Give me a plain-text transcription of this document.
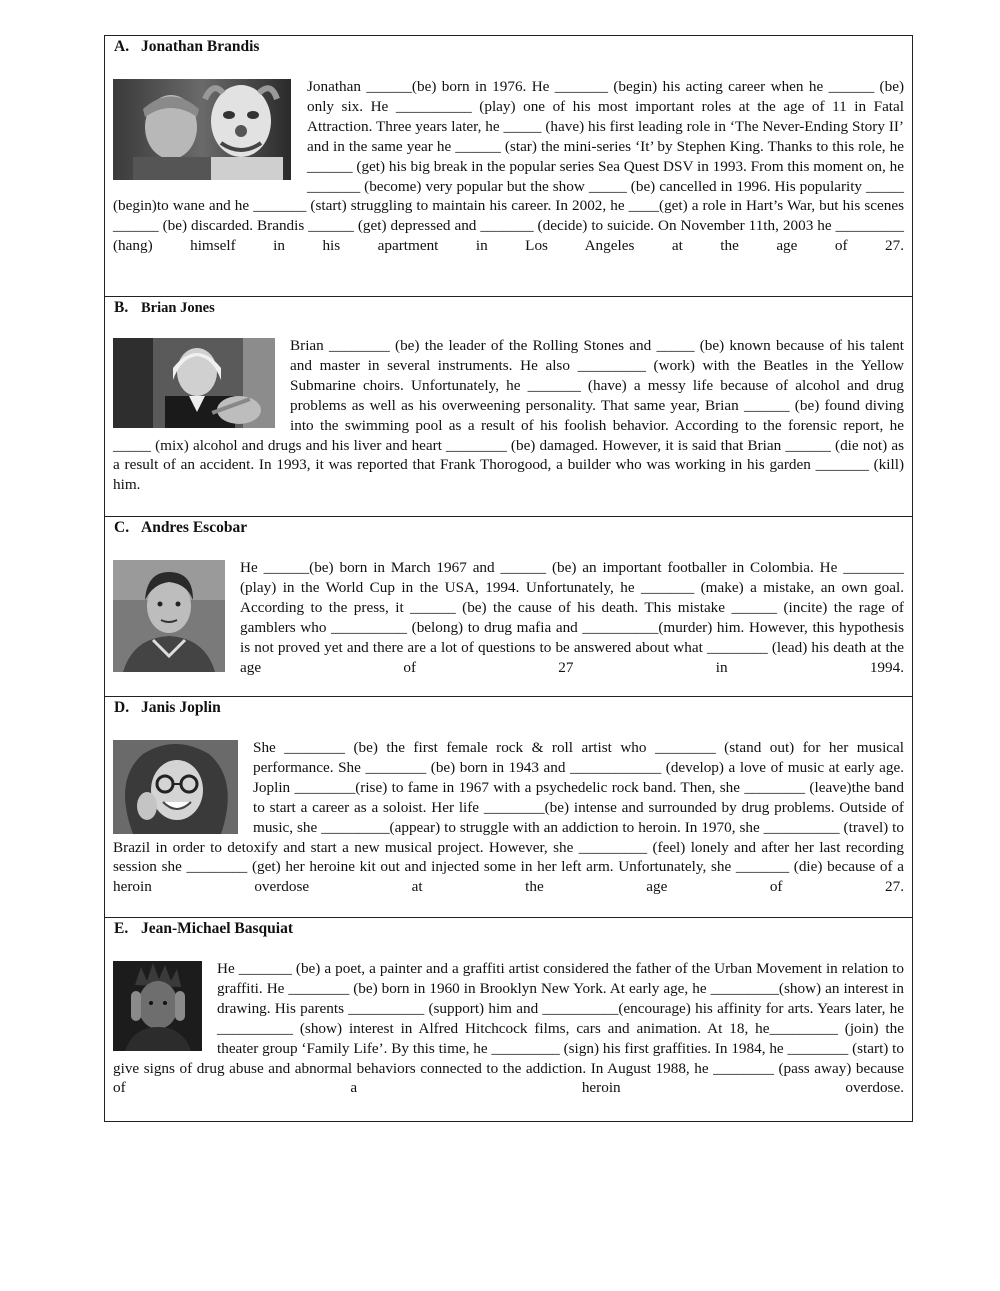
A. Jonathan Brandis

Jonathan ______(be) born in 1976. He _______ (begin) his acting career when he ______ (be) only six. He __________ (play) one of his most important roles at the age of 11 in Fatal Attraction. Three years later, he _____ (have) his first leading role in ‘The Never-Ending Story II’ and in the same year he ______ (star) the mini-series ‘It’ by Stephen King. Thanks to this role, he ______ (get) his big break in the popular series Sea Quest DSV in 1993. From this moment on, he _______ (become) very popular but the show _____ (be) cancelled in 1996. His popularity _____ (begin)to wane and he _______ (start) struggling to maintain his career. In 2002, he ____(get) a role in Hart’s War, but his scenes ______ (be) discarded. Brandis ______ (get) depressed and _______ (decide) to suicide. On November 11th, 2003 he _________ (hang) himself in his apartment in Los Angeles at the age of 27.

B. Brian Jones

Brian ________ (be) the leader of the Rolling Stones and _____ (be) known because of his talent and master in several instruments. He also _________ (work) with the Beatles in the Yellow Submarine choirs. Unfortunately, he _______ (have) a messy life because of alcohol and drug problems as well as his overweening personality. That same year, Brian ______ (be) found diving into the swimming pool as a result of his foolish behavior. According to the forensic report, he _____ (mix) alcohol and drugs and his liver and heart ________ (be) damaged. However, it is said that Brian ______ (die not) as a result of an accident. In 1993, it was reported that Frank Thorogood, a builder who was working in his garden _______ (kill) him.

C. Andres Escobar

He ______(be) born in March 1967 and ______ (be) an important footballer in Colombia. He ________ (play) in the World Cup in the USA, 1994. Unfortunately, he _______ (make) a mistake, an own goal. According to the press, it ______ (be) the cause of his death. This mistake ______ (incite) the rage of gamblers who __________ (belong) to drug mafia and __________(murder) him. However, this hypothesis is not proved yet and there are a lot of questions to be answered about what ________ (lead) his death at the age of 27 in 1994.

D. Janis Joplin

She ________ (be) the first female rock & roll artist who ________ (stand out) for her musical performance. She ________ (be) born in 1943 and ____________ (develop) a love of music at early age. Joplin ________(rise) to fame in 1967 with a psychedelic rock band. Then, she ________ (leave)the band to start a career as a soloist. Her life ________(be) intense and surrounded by drug problems. Outside of music, she _________(appear) to struggle with an addiction to heroin. In 1970, she __________ (travel) to Brazil in order to detoxify and start a new musical project. However, she _________ (feel) lonely and after her last recording session she ________ (get) her heroine kit out and injected some in her left arm. Unfortunately, she _______ (die) because of a heroin overdose at the age of 27.

E. Jean-Michael Basquiat

He _______ (be) a poet, a painter and a graffiti artist considered the father of the Urban Movement in relation to graffiti. He ________ (be) born in 1960 in Brooklyn New York. At early age, he _________(show) an interest in drawing. His parents __________ (support) him and __________(encourage) his affinity for arts. Years later, he __________ (show) interest in Alfred Hitchcock films, cars and animation. At 18, he_________ (join) the theater group ‘Family Life’. By this time, he _________ (sign) his first graffities. In 1984, he ________ (start) to give signs of drug abuse and abnormal behaviors connected to the addiction. In August 1988, he ________ (pass away) because of a heroin overdose.
